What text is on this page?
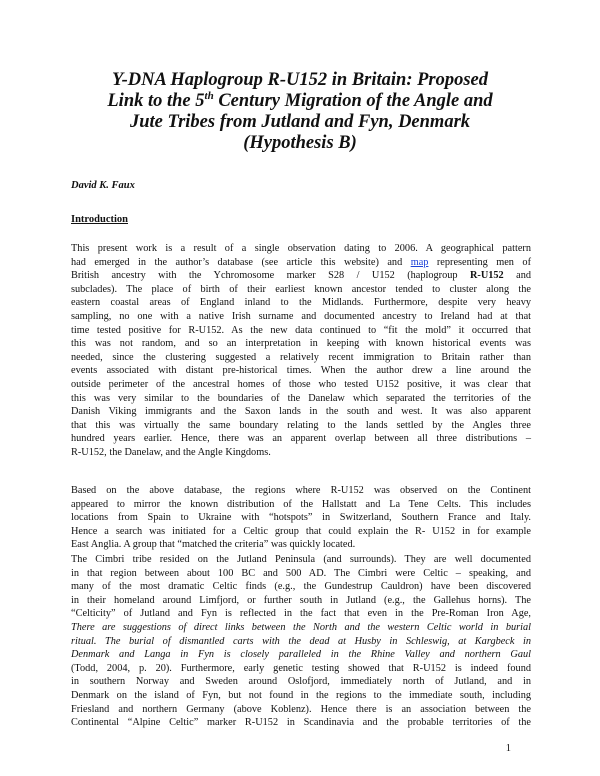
Y-DNA Haplogroup R-U152 in Britain: Proposed
Link to the 5th Century Migration of the Angle and
Jute Tribes from Jutland and Fyn, Denmark
(Hypothesis B)
David K. Faux
Introduction
This present work is a result of a single observation dating to 2006. A geographical pattern
had emerged in the author’s database (see article this website) and map representing men of
British ancestry with the Ychromosome marker S28 / U152 (haplogroup R-U152 and
subclades). The place of birth of their earliest known ancestor tended to cluster along the
eastern coastal areas of England inland to the Midlands. Furthermore, despite very heavy
sampling, no one with a native Irish surname and documented ancestry to Ireland had at that
time tested positive for R-U152. As the new data continued to “fit the mold” it occurred that
this was not random, and so an interpretation in keeping with known historical events was
needed, since the clustering suggested a relatively recent immigration to Britain rather than
events associated with distant pre-historical times. When the author drew a line around the
outside perimeter of the ancestral homes of those who tested U152 positive, it was clear that
this was very similar to the boundaries of the Danelaw which separated the territories of the
Danish Viking immigrants and the Saxon lands in the south and west. It was also apparent
that this was virtually the same boundary relating to the lands settled by the Angles three
hundred years earlier. Hence, there was an apparent overlap between all three distributions –
R-U152, the Danelaw, and the Angle Kingdoms.
Based on the above database, the regions where R-U152 was observed on the Continent
appeared to mirror the known distribution of the Hallstatt and La Tene Celts. This includes
locations from Spain to Ukraine with “hotspots” in Switzerland, Southern France and Italy.
Hence a search was initiated for a Celtic group that could explain the R- U152 in for example
East Anglia. A group that “matched the criteria” was quickly located.
The Cimbri tribe resided on the Jutland Peninsula (and surrounds). They are well documented
in that region between about 100 BC and 500 AD. The Cimbri were Celtic – speaking, and
many of the most dramatic Celtic finds (e.g., the Gundestrup Cauldron) have been discovered
in their homeland around Limfjord, or further south in Jutland (e.g., the Gallehus horns). The
“Celticity” of Jutland and Fyn is reflected in the fact that even in the Pre-Roman Iron Age,
There are suggestions of direct links between the North and the western Celtic world in burial
ritual. The burial of dismantled carts with the dead at Husby in Schleswig, at Kargbeck in
Denmark and Langa in Fyn is closely paralleled in the Rhine Valley and northern Gaul
(Todd, 2004, p. 20). Furthermore, early genetic testing showed that R-U152 is indeed found
in southern Norway and Sweden around Oslofjord, immediately north of Jutland, and in
Denmark on the island of Fyn, but not found in the regions to the immediate south, including
Friesland and northern Germany (above Koblenz). Hence there is an association between the
Continental “Alpine Celtic” marker R-U152 in Scandinavia and the probable territories of the
1
